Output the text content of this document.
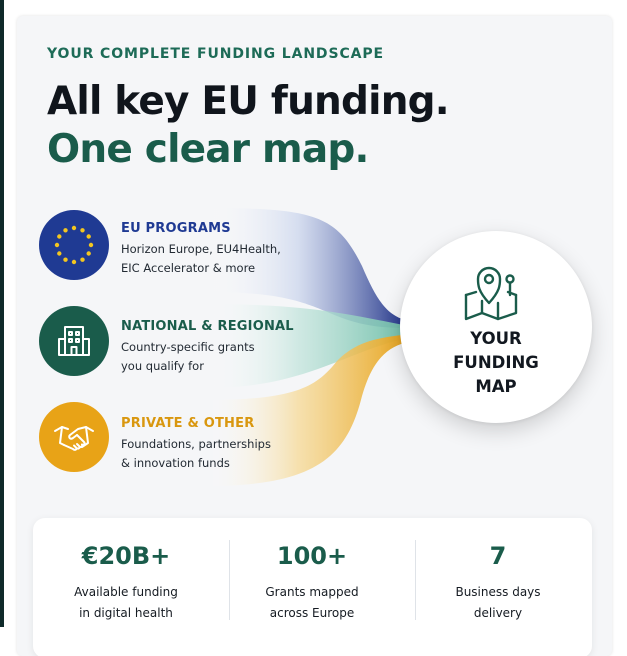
YOUR COMPLETE FUNDING LANDSCAPE
All key EU funding.
One clear map.
EU PROGRAMS
Horizon Europe, EU4Health,
EIC Accelerator & more
NATIONAL & REGIONAL
Country-specific grants
you qualify for
PRIVATE & OTHER
Foundations, partnerships
& innovation funds
YOUR
FUNDING
MAP
€20B+
Available funding
in digital health
100+
Grants mapped
across Europe
7
Business days
delivery
